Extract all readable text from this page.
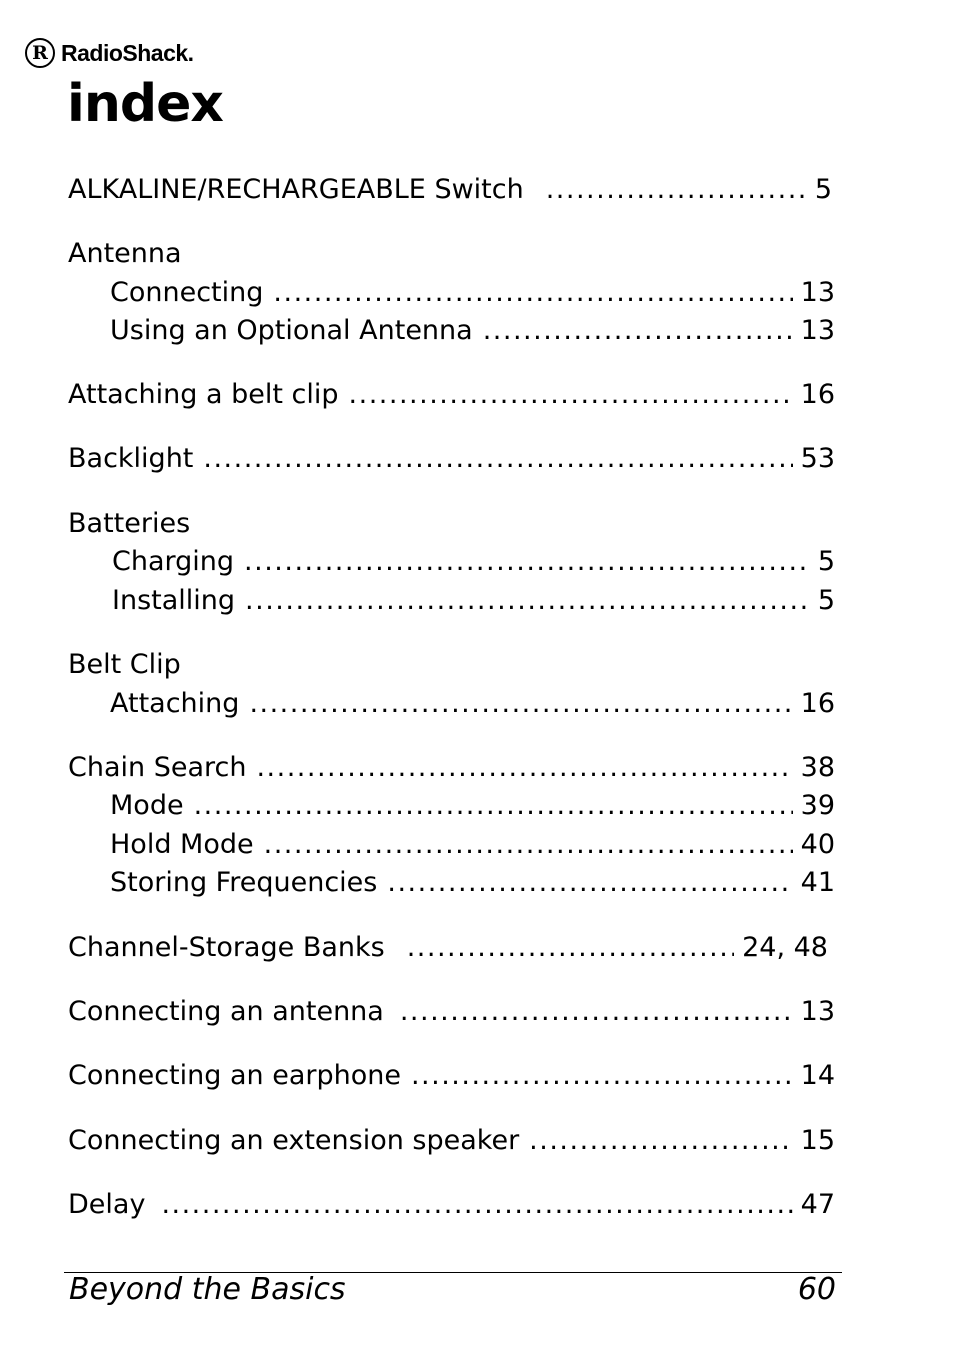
R RadioShack.
index
ALKALINE/RECHARGEABLE Switch .....	5
Antenna
Connecting .....	13
Using an Optional Antenna .....	13
Attaching a belt clip .....	16
Backlight .....	53
Batteries
Charging .....	5
Installing .....	5
Belt Clip
Attaching .....	16
Chain Search .....	38
Mode .....	39
Hold Mode .....	40
Storing Frequencies .....	41
Channel-Storage Banks .....	24, 48
Connecting an antenna .....	13
Connecting an earphone .....	14
Connecting an extension speaker .....	15
Delay .....	47
Beyond the Basics	60
